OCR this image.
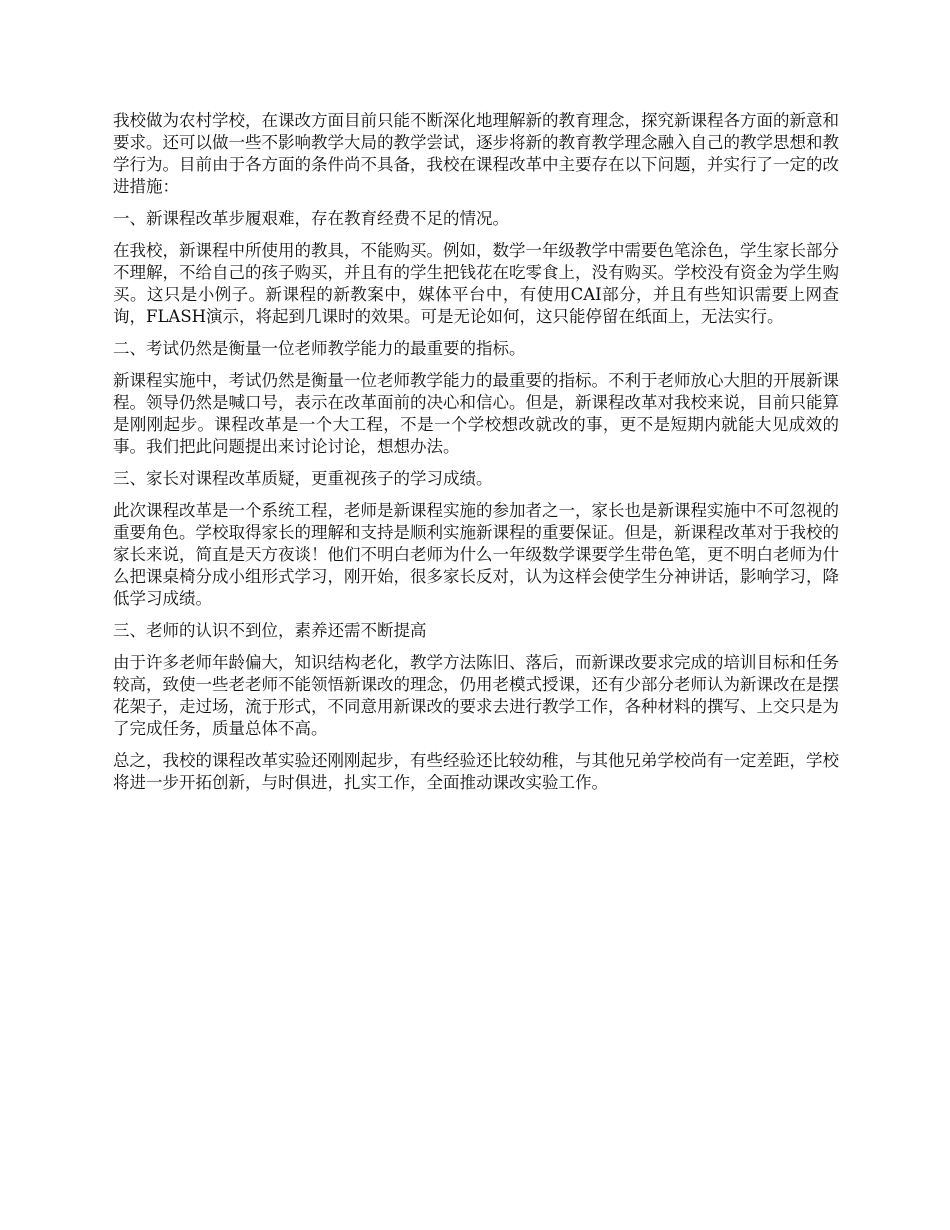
我校做为农村学校，在课改方面目前只能不断深化地理解新的教育理念，探究新课程各方面的新意和要求。还可以做一些不影响教学大局的教学尝试，逐步将新的教育教学理念融入自己的教学思想和教学行为。目前由于各方面的条件尚不具备，我校在课程改革中主要存在以下问题，并实行了一定的改进措施：

一、新课程改革步履艰难，存在教育经费不足的情况。

在我校，新课程中所使用的教具，不能购买。例如，数学一年级教学中需要色笔涂色，学生家长部分不理解，不给自己的孩子购买，并且有的学生把钱花在吃零食上，没有购买。学校没有资金为学生购买。这只是小例子。新课程的新教案中，媒体平台中，有使用CAI部分，并且有些知识需要上网查询，FLASH演示，将起到几课时的效果。可是无论如何，这只能停留在纸面上，无法实行。

二、考试仍然是衡量一位老师教学能力的最重要的指标。

新课程实施中，考试仍然是衡量一位老师教学能力的最重要的指标。不利于老师放心大胆的开展新课程。领导仍然是喊口号，表示在改革面前的决心和信心。但是，新课程改革对我校来说，目前只能算是刚刚起步。课程改革是一个大工程，不是一个学校想改就改的事，更不是短期内就能大见成效的事。我们把此问题提出来讨论讨论，想想办法。

三、家长对课程改革质疑，更重视孩子的学习成绩。

此次课程改革是一个系统工程，老师是新课程实施的参加者之一，家长也是新课程实施中不可忽视的重要角色。学校取得家长的理解和支持是顺利实施新课程的重要保证。但是，新课程改革对于我校的家长来说，简直是天方夜谈！他们不明白老师为什么一年级数学课要学生带色笔，更不明白老师为什么把课桌椅分成小组形式学习，刚开始，很多家长反对，认为这样会使学生分神讲话，影响学习，降低学习成绩。

三、老师的认识不到位，素养还需不断提高

由于许多老师年龄偏大，知识结构老化，教学方法陈旧、落后，而新课改要求完成的培训目标和任务较高，致使一些老老师不能领悟新课改的理念，仍用老模式授课，还有少部分老师认为新课改在是摆花架子，走过场，流于形式，不同意用新课改的要求去进行教学工作，各种材料的撰写、上交只是为了完成任务，质量总体不高。

总之，我校的课程改革实验还刚刚起步，有些经验还比较幼稚，与其他兄弟学校尚有一定差距，学校将进一步开拓创新，与时俱进，扎实工作，全面推动课改实验工作。
